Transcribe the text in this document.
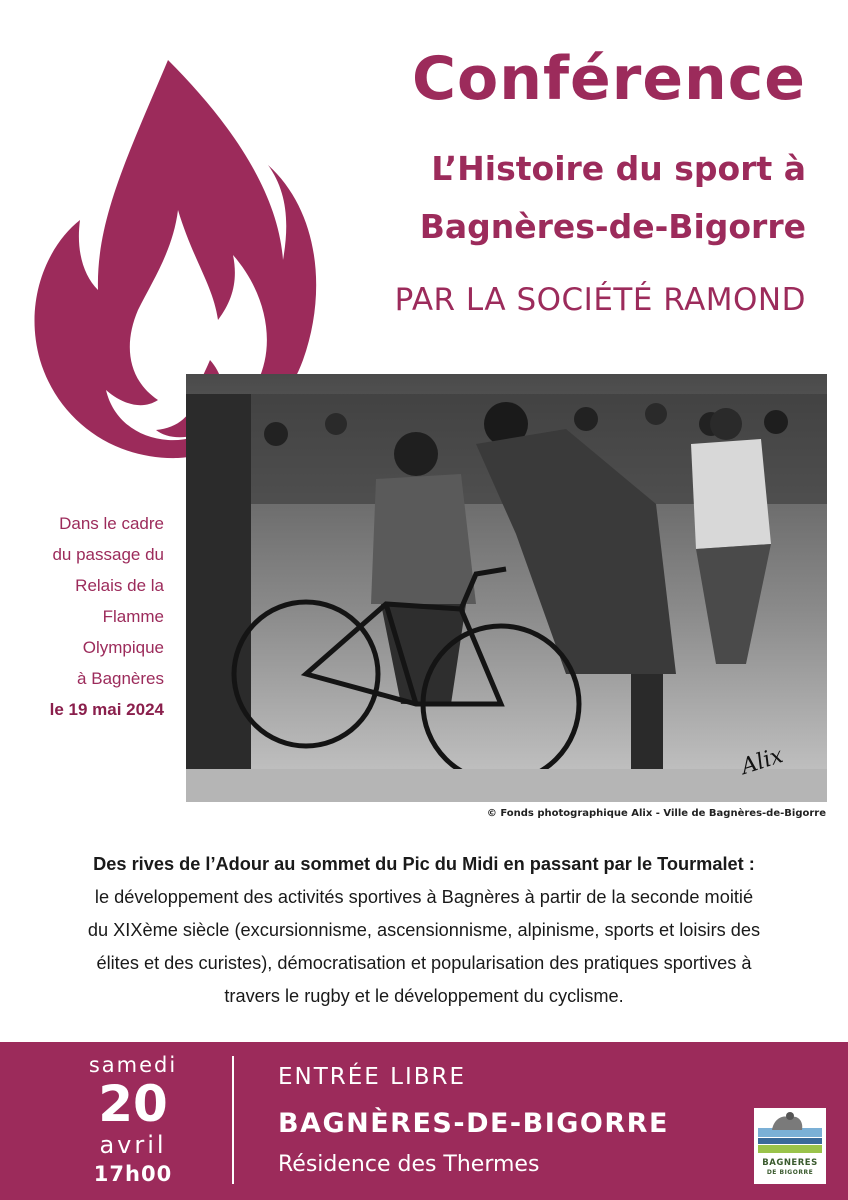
Conférence
L’Histoire du sport à
Bagnères-de-Bigorre

PAR LA SOCIÉTÉ RAMOND

Alix

© Fonds photographique Alix - Ville de Bagnères-de-Bigorre

Dans le cadre
du passage du
Relais de la
Flamme
Olympique
à Bagnères
le 19 mai 2024
Des rives de l’Adour au sommet du Pic du Midi en passant par le Tourmalet :
le développement des activités sportives à Bagnères à partir de la seconde moitié
du XIXème siècle (excursionnisme, ascensionnisme, alpinisme, sports et loisirs des
élites et des curistes), démocratisation et popularisation des pratiques sportives à
travers le rugby et le développement du cyclisme.
samedi
20
avril
17h00
ENTRÉE LIBRE
BAGNÈRES-DE-BIGORRE
Résidence des Thermes	BAGNERES
DE BIGORRE
